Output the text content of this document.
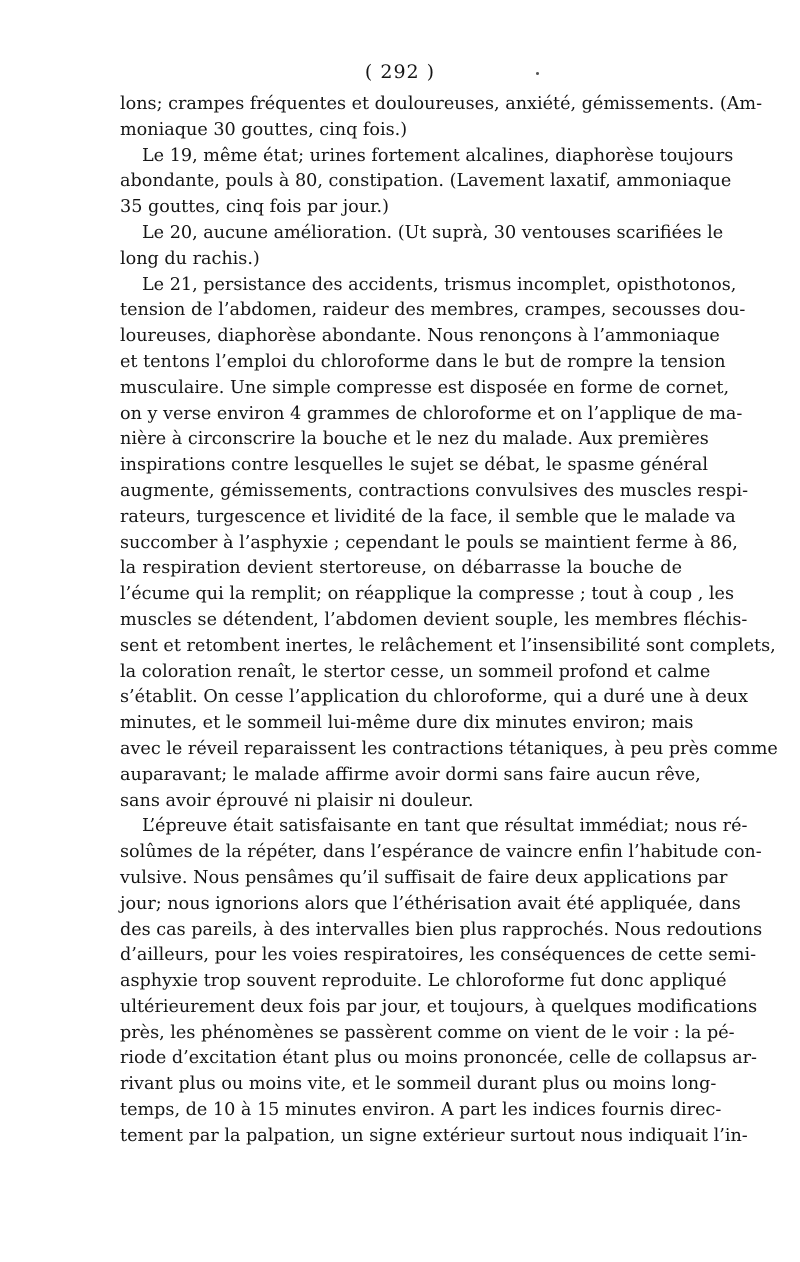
( 292 )
lons; crampes fréquentes et douloureuses, anxiété, gémissements. (Am-
moniaque 30 gouttes, cinq fois.)
Le 19, même état; urines fortement alcalines, diaphorèse toujours
abondante, pouls à 80, constipation. (Lavement laxatif, ammoniaque
35 gouttes, cinq fois par jour.)
Le 20, aucune amélioration. (Ut suprà, 30 ventouses scarifiées le
long du rachis.)
Le 21, persistance des accidents, trismus incomplet, opisthotonos,
tension de l’abdomen, raideur des membres, crampes, secousses dou-
loureuses, diaphorèse abondante. Nous renonçons à l’ammoniaque
et tentons l’emploi du chloroforme dans le but de rompre la tension
musculaire. Une simple compresse est disposée en forme de cornet,
on y verse environ 4 grammes de chloroforme et on l’applique de ma-
nière à circonscrire la bouche et le nez du malade. Aux premières
inspirations contre lesquelles le sujet se débat, le spasme général
augmente, gémissements, contractions convulsives des muscles respi-
rateurs, turgescence et lividité de la face, il semble que le malade va
succomber à l’asphyxie ; cependant le pouls se maintient ferme à 86,
la respiration devient stertoreuse, on débarrasse la bouche de
l’écume qui la remplit; on réapplique la compresse ; tout à coup , les
muscles se détendent, l’abdomen devient souple, les membres fléchis-
sent et retombent inertes, le relâchement et l’insensibilité sont complets,
la coloration renaît, le stertor cesse, un sommeil profond et calme
s’établit. On cesse l’application du chloroforme, qui a duré une à deux
minutes, et le sommeil lui-même dure dix minutes environ; mais
avec le réveil reparaissent les contractions tétaniques, à peu près comme
auparavant; le malade affirme avoir dormi sans faire aucun rêve,
sans avoir éprouvé ni plaisir ni douleur.
L’épreuve était satisfaisante en tant que résultat immédiat; nous ré-
solûmes de la répéter, dans l’espérance de vaincre enfin l’habitude con-
vulsive. Nous pensâmes qu’il suffisait de faire deux applications par
jour; nous ignorions alors que l’éthérisation avait été appliquée, dans
des cas pareils, à des intervalles bien plus rapprochés. Nous redoutions
d’ailleurs, pour les voies respiratoires, les conséquences de cette semi-
asphyxie trop souvent reproduite. Le chloroforme fut donc appliqué
ultérieurement deux fois par jour, et toujours, à quelques modifications
près, les phénomènes se passèrent comme on vient de le voir : la pé-
riode d’excitation étant plus ou moins prononcée, celle de collapsus ar-
rivant plus ou moins vite, et le sommeil durant plus ou moins long-
temps, de 10 à 15 minutes environ. A part les indices fournis direc-
tement par la palpation, un signe extérieur surtout nous indiquait l’in-
